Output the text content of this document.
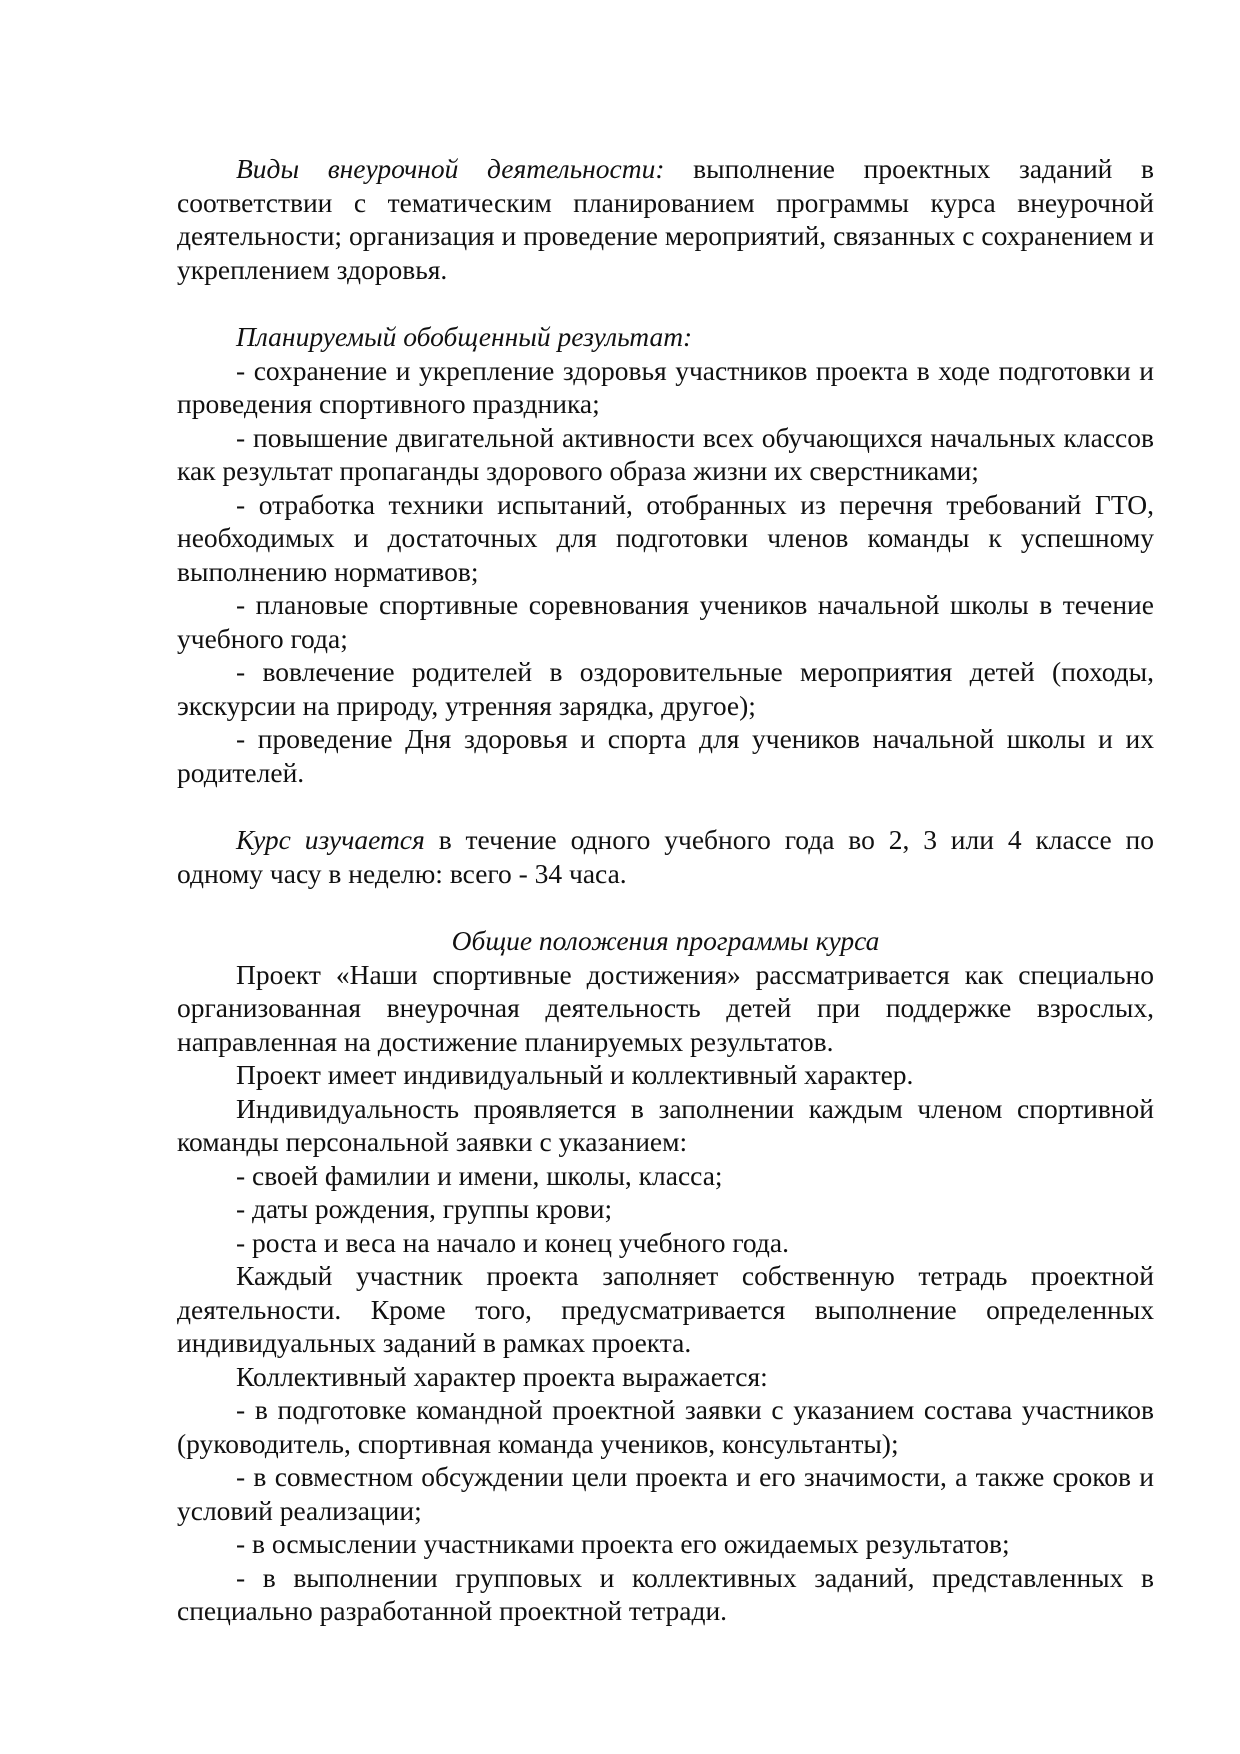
Виды внеурочной деятельности: выполнение проектных заданий в соответствии с тематическим планированием программы курса внеурочной деятельности; организация и проведение мероприятий, связанных с сохранением и укреплением здоровья.

Планируемый обобщенный результат:

- сохранение и укрепление здоровья участников проекта в ходе подготовки и проведения спортивного праздника;

- повышение двигательной активности всех обучающихся начальных классов как результат пропаганды здорового образа жизни их сверстниками;

- отработка техники испытаний, отобранных из перечня требований ГТО, необходимых и достаточных для подготовки членов команды к успешному выполнению нормативов;

- плановые спортивные соревнования учеников начальной школы в течение учебного года;

- вовлечение родителей в оздоровительные мероприятия детей (походы, экскурсии на природу, утренняя зарядка, другое);

- проведение Дня здоровья и спорта для учеников начальной школы и их родителей.

Курс изучается в течение одного учебного года во 2, 3 или 4 классе по одному часу в неделю: всего - 34 часа.

Общие положения программы курса

Проект «Наши спортивные достижения» рассматривается как специально организованная внеурочная деятельность детей при поддержке взрослых, направленная на достижение планируемых результатов.

Проект имеет индивидуальный и коллективный характер.

Индивидуальность проявляется в заполнении каждым членом спортивной команды персональной заявки с указанием:

- своей фамилии и имени, школы, класса;

- даты рождения, группы крови;

- роста и веса на начало и конец учебного года.

Каждый участник проекта заполняет собственную тетрадь проектной деятельности. Кроме того, предусматривается выполнение определенных индивидуальных заданий в рамках проекта.

Коллективный характер проекта выражается:

- в подготовке командной проектной заявки с указанием состава участников (руководитель, спортивная команда учеников, консультанты);

- в совместном обсуждении цели проекта и его значимости, а также сроков и условий реализации;

- в осмыслении участниками проекта его ожидаемых результатов;

- в выполнении групповых и коллективных заданий, представленных в специально разработанной проектной тетради.
